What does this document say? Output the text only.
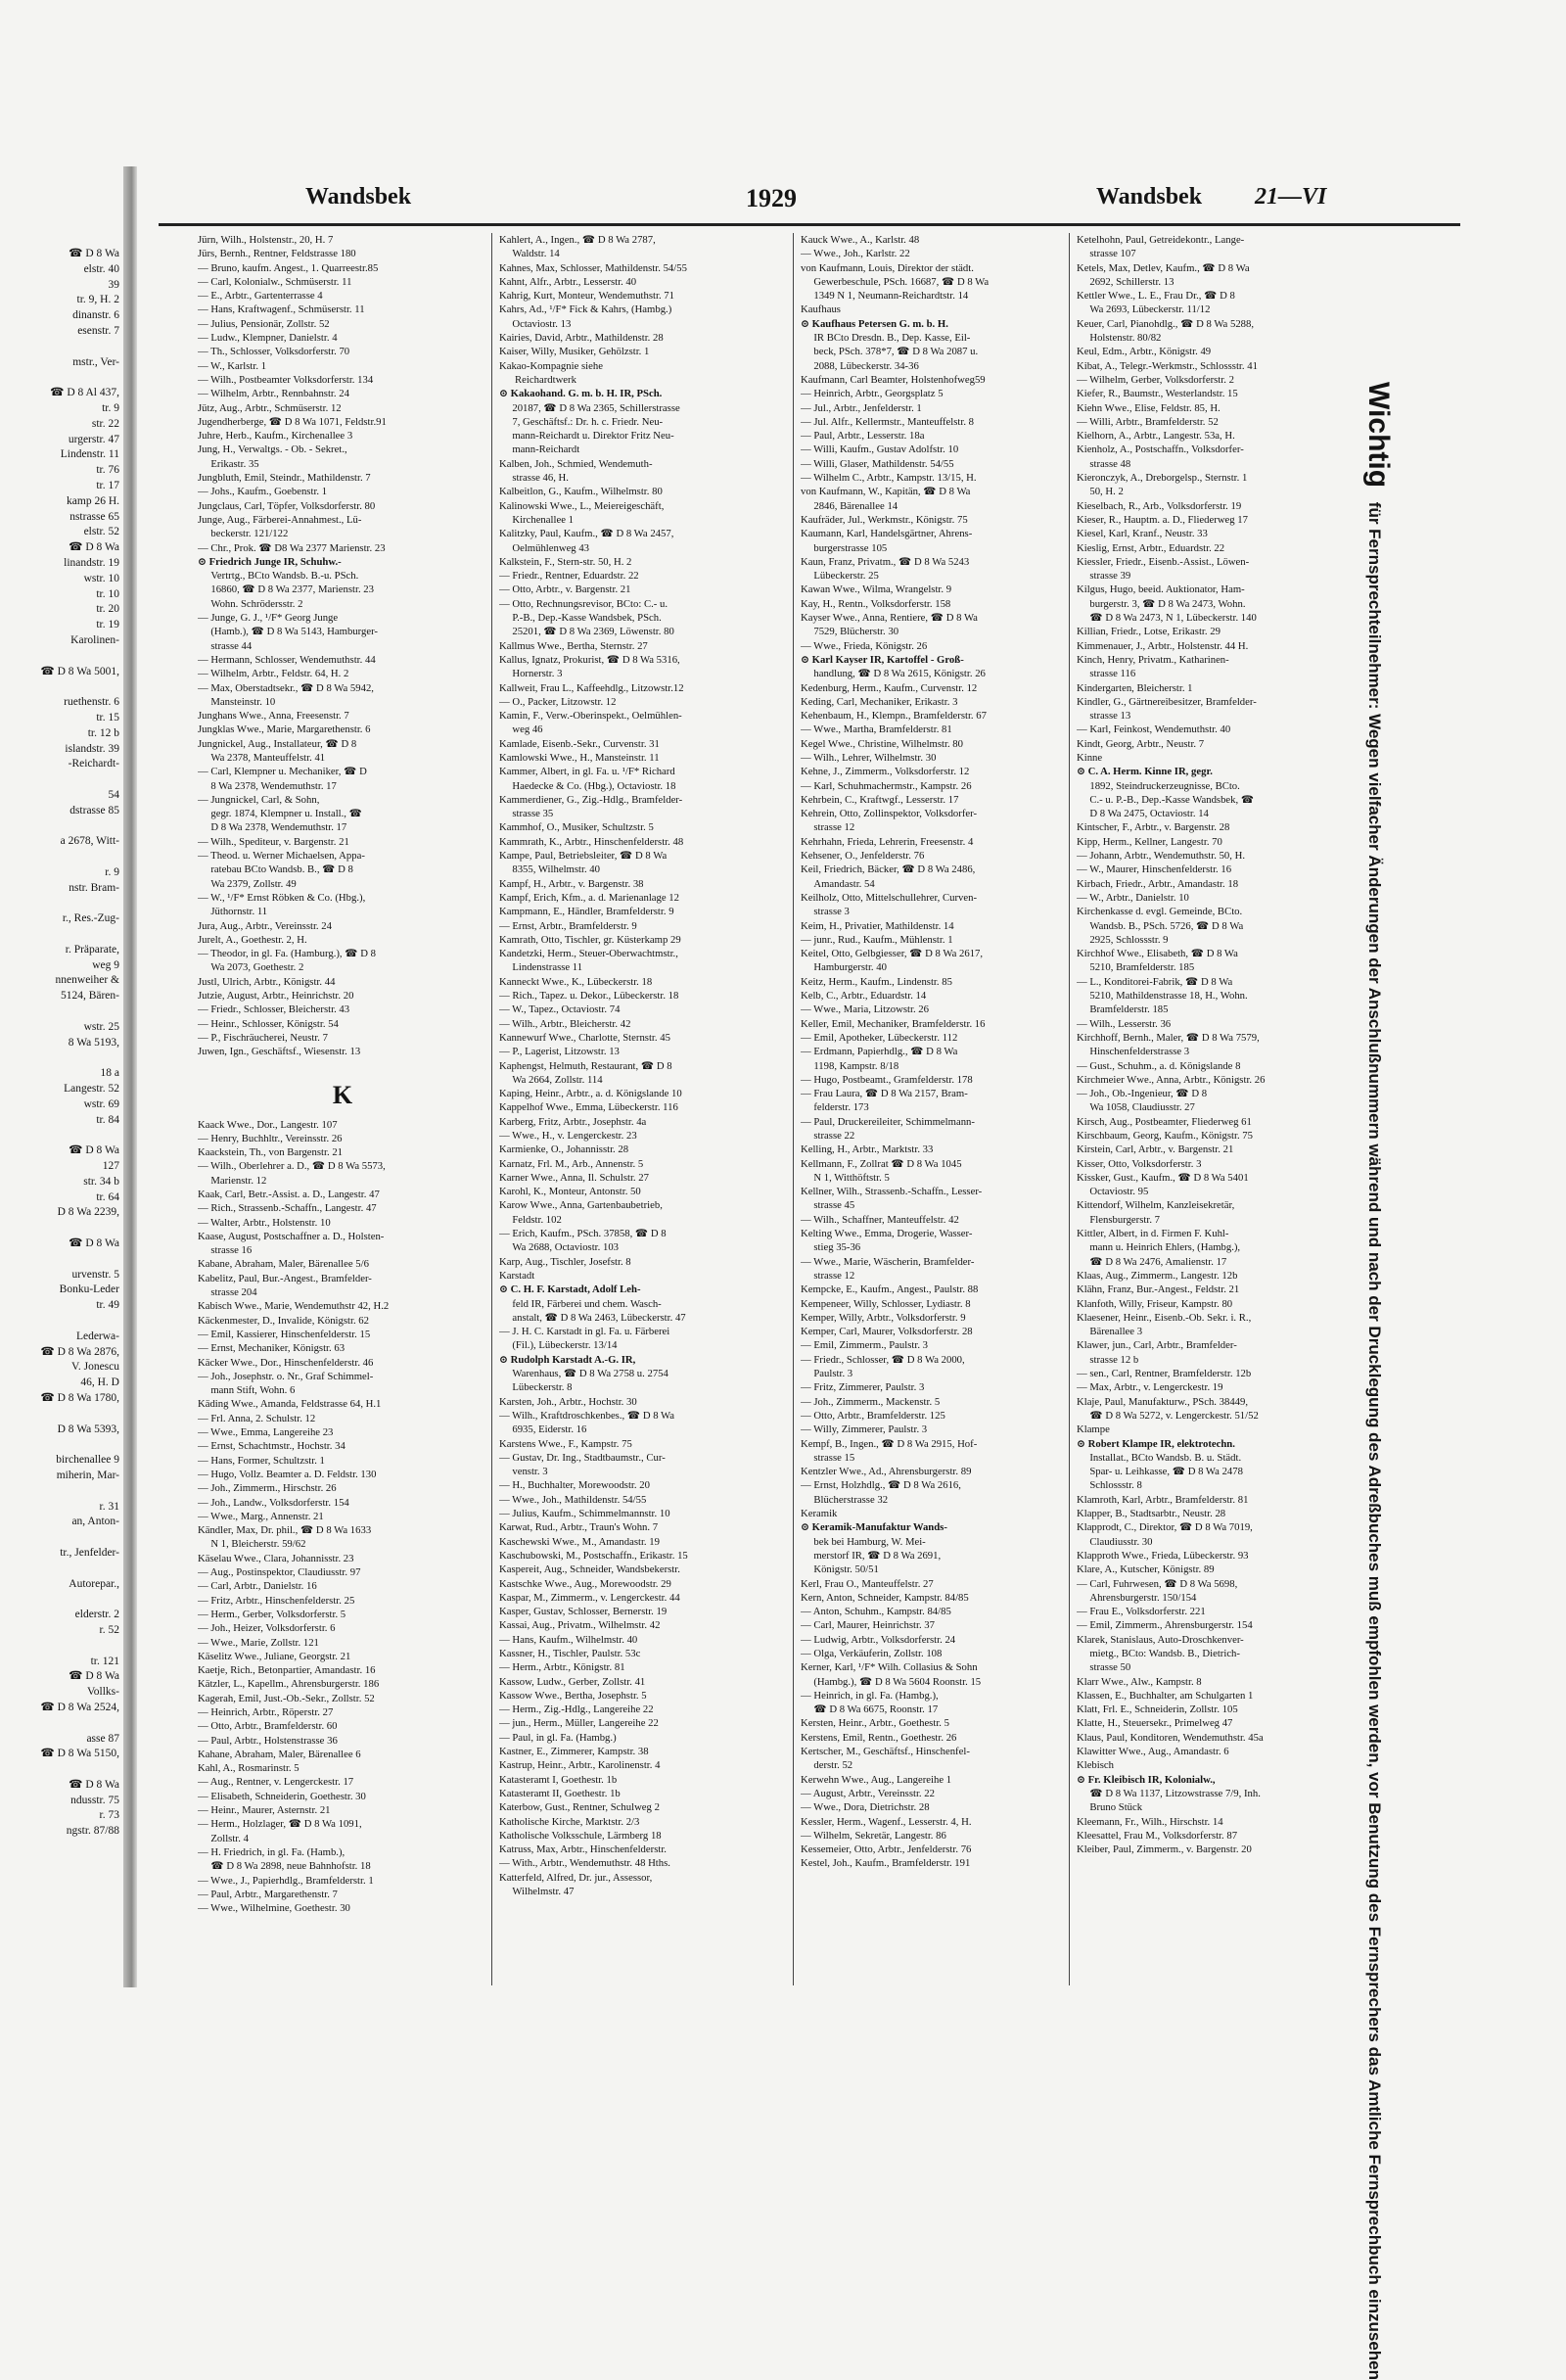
☎ D 8 Wa
elstr. 40
39
tr. 9, H. 2
dinanstr. 6
esenstr. 7

mstr., Ver-

☎ D 8 Al 437,
tr. 9
str. 22
urgerstr. 47
Lindenstr. 11
tr. 76
tr. 17
kamp 26 H.
nstrasse 65
elstr. 52
☎ D 8 Wa
linandstr. 19
wstr. 10
tr. 10
tr. 20
tr. 19
Karolinen-

☎ D 8 Wa 5001,

ruethenstr. 6
tr. 15
tr. 12 b
islandstr. 39
-Reichardt-

54
dstrasse 85

a 2678, Witt-

r. 9
nstr. Bram-

r., Res.-Zug-

r. Präparate,
weg 9
nnenweiher &
5124, Bären-

wstr. 25
8 Wa 5193,

18 a
Langestr. 52
wstr. 69
tr. 84

☎ D 8 Wa
127
str. 34 b
tr. 64
D 8 Wa 2239,

☎ D 8 Wa

urvenstr. 5
Bonku-Leder
tr. 49

Lederwa-
☎ D 8 Wa 2876,
V. Jonescu
46, H. D
☎ D 8 Wa 1780,

D 8 Wa 5393,

birchenallee 9
miherin, Mar-

r. 31
an, Anton-

tr., Jenfelder-

Autorepar.,

elderstr. 2
r. 52

tr. 121
☎ D 8 Wa
Vollks-
☎ D 8 Wa 2524,

asse 87
☎ D 8 Wa 5150,

☎ D 8 Wa
ndusstr. 75
r. 73
ngstr. 87/88
Wandsbek	1929	Wandsbek 21—VI
Jürn, Wilh., Holstenstr., 20, H. 7
Jürs, Bernh., Rentner, Feldstrasse 180
— Bruno, kaufm. Angest., 1. Quarreestr.85
— Carl, Kolonialw., Schmüserstr. 11
— E., Arbtr., Gartenterrasse 4
— Hans, Kraftwagenf., Schmüserstr. 11
— Julius, Pensionär, Zollstr. 52
— Ludw., Klempner, Danielstr. 4
— Th., Schlosser, Volksdorferstr. 70
— W., Karlstr. 1
— Wilh., Postbeamter Volksdorferstr. 134
— Wilhelm, Arbtr., Rennbahnstr. 24
Jütz, Aug., Arbtr., Schmüserstr. 12
Jugendherberge, ☎ D 8 Wa 1071, Feldstr.91
Juhre, Herb., Kaufm., Kirchenallee 3
Jung, H., Verwaltgs. - Ob. - Sekret.,
Erikastr. 35
Jungbluth, Emil, Steindr., Mathildenstr. 7
— Johs., Kaufm., Goebenstr. 1
Jungclaus, Carl, Töpfer, Volksdorferstr. 80
Junge, Aug., Färberei-Annahmest., Lü-
beckerstr. 121/122
— Chr., Prok. ☎ D8 Wa 2377 Marienstr. 23
⊙ Friedrich Junge IR, Schuhw.-
Vertrtg., BCto Wandsb. B.-u. PSch.
16860, ☎ D 8 Wa 2377, Marienstr. 23
Wohn. Schrödersstr. 2
— Junge, G. J., ¹/F* Georg Junge
(Hamb.), ☎ D 8 Wa 5143, Hamburger-
strasse 44
— Hermann, Schlosser, Wendemuthstr. 44
— Wilhelm, Arbtr., Feldstr. 64, H. 2
— Max, Oberstadtsekr., ☎ D 8 Wa 5942,
Mansteinstr. 10
Junghans Wwe., Anna, Freesenstr. 7
Jungklas Wwe., Marie, Margarethenstr. 6
Jungnickel, Aug., Installateur, ☎ D 8
Wa 2378, Manteuffelstr. 41
— Carl, Klempner u. Mechaniker, ☎ D
8 Wa 2378, Wendemuthstr. 17
— Jungnickel, Carl, & Sohn,
gegr. 1874, Klempner u. Install., ☎
D 8 Wa 2378, Wendemuthstr. 17
— Wilh., Spediteur, v. Bargenstr. 21
— Theod. u. Werner Michaelsen, Appa-
ratebau BCto Wandsb. B., ☎ D 8
Wa 2379, Zollstr. 49
— W., ¹/F* Ernst Röbken & Co. (Hbg.),
Jüthornstr. 11
Jura, Aug., Arbtr., Vereinsstr. 24
Jurelt, A., Goethestr. 2, H.
— Theodor, in gl. Fa. (Hamburg.), ☎ D 8
Wa 2073, Goethestr. 2
Justl, Ulrich, Arbtr., Königstr. 44
Jutzie, August, Arbtr., Heinrichstr. 20
— Friedr., Schlosser, Bleicherstr. 43
— Heinr., Schlosser, Königstr. 54
— P., Fischräucherei, Neustr. 7
Juwen, Ign., Geschäftsf., Wiesenstr. 13
K
Kaack Wwe., Dor., Langestr. 107
— Henry, Buchhltr., Vereinsstr. 26
Kaackstein, Th., von Bargenstr. 21
— Wilh., Oberlehrer a. D., ☎ D 8 Wa 5573,
Marienstr. 12
Kaak, Carl, Betr.-Assist. a. D., Langestr. 47
— Rich., Strassenb.-Schaffn., Langestr. 47
— Walter, Arbtr., Holstenstr. 10
Kaase, August, Postschaffner a. D., Holsten-
strasse 16
Kabane, Abraham, Maler, Bärenallee 5/6
Kabelitz, Paul, Bur.-Angest., Bramfelder-
strasse 204
Kabisch Wwe., Marie, Wendemuthstr 42, H.2
Käckenmester, D., Invalide, Königstr. 62
— Emil, Kassierer, Hinschenfelderstr. 15
— Ernst, Mechaniker, Königstr. 63
Käcker Wwe., Dor., Hinschenfelderstr. 46
— Joh., Josephstr. o. Nr., Graf Schimmel-
mann Stift, Wohn. 6
Käding Wwe., Amanda, Feldstrasse 64, H.1
— Frl. Anna, 2. Schulstr. 12
— Wwe., Emma, Langereihe 23
— Ernst, Schachtmstr., Hochstr. 34
— Hans, Former, Schultzstr. 1
— Hugo, Vollz. Beamter a. D. Feldstr. 130
— Joh., Zimmerm., Hirschstr. 26
— Joh., Landw., Volksdorferstr. 154
— Wwe., Marg., Annenstr. 21
Kändler, Max, Dr. phil., ☎ D 8 Wa 1633
N 1, Bleicherstr. 59/62
Käselau Wwe., Clara, Johannisstr. 23
— Aug., Postinspektor, Claudiusstr. 97
— Carl, Arbtr., Danielstr. 16
— Fritz, Arbtr., Hinschenfelderstr. 25
— Herm., Gerber, Volksdorferstr. 5
— Joh., Heizer, Volksdorferstr. 6
— Wwe., Marie, Zollstr. 121
Käselitz Wwe., Juliane, Georgstr. 21
Kaetje, Rich., Betonpartier, Amandastr. 16
Kätzler, L., Kapellm., Ahrensburgerstr. 186
Kagerah, Emil, Just.-Ob.-Sekr., Zollstr. 52
— Heinrich, Arbtr., Röperstr. 27
— Otto, Arbtr., Bramfelderstr. 60
— Paul, Arbtr., Holstenstrasse 36
Kahane, Abraham, Maler, Bärenallee 6
Kahl, A., Rosmarinstr. 5
— Aug., Rentner, v. Lengerckestr. 17
— Elisabeth, Schneiderin, Goethestr. 30
— Heinr., Maurer, Asternstr. 21
— Herm., Holzlager, ☎ D 8 Wa 1091,
Zollstr. 4
— H. Friedrich, in gl. Fa. (Hamb.),
☎ D 8 Wa 2898, neue Bahnhofstr. 18
— Wwe., J., Papierhdlg., Bramfelderstr. 1
— Paul, Arbtr., Margarethenstr. 7
— Wwe., Wilhelmine, Goethestr. 30
Kahlert, A., Ingen., ☎ D 8 Wa 2787,
Waldstr. 14
Kahnes, Max, Schlosser, Mathildenstr. 54/55
Kahnt, Alfr., Arbtr., Lesserstr. 40
Kahrig, Kurt, Monteur, Wendemuthstr. 71
Kahrs, Ad., ¹/F* Fick & Kahrs, (Hambg.)
Octaviostr. 13
Kairies, David, Arbtr., Mathildenstr. 28
Kaiser, Willy, Musiker, Gehölzstr. 1
Kakao-Kompagnie siehe
Reichardtwerk
⊙ Kakaohand. G. m. b. H. IR, PSch.
20187, ☎ D 8 Wa 2365, Schillerstrasse
7, Geschäftsf.: Dr. h. c. Friedr. Neu-
mann-Reichardt u. Direktor Fritz Neu-
mann-Reichardt
Kalben, Joh., Schmied, Wendemuth-
strasse 46, H.
Kalbeitlon, G., Kaufm., Wilhelmstr. 80
Kalinowski Wwe., L., Meiereigeschäft,
Kirchenallee 1
Kalitzky, Paul, Kaufm., ☎ D 8 Wa 2457,
Oelmühlenweg 43
Kalkstein, F., Stern-str. 50, H. 2
— Friedr., Rentner, Eduardstr. 22
— Otto, Arbtr., v. Bargenstr. 21
— Otto, Rechnungsrevisor, BCto: C.- u.
P.-B., Dep.-Kasse Wandsbek, PSch.
25201, ☎ D 8 Wa 2369, Löwenstr. 80
Kallmus Wwe., Bertha, Sternstr. 27
Kallus, Ignatz, Prokurist, ☎ D 8 Wa 5316,
Hornerstr. 3
Kallweit, Frau L., Kaffeehdlg., Litzowstr.12
— O., Packer, Litzowstr. 12
Kamin, F., Verw.-Oberinspekt., Oelmühlen-
weg 46
Kamlade, Eisenb.-Sekr., Curvenstr. 31
Kamlowski Wwe., H., Mansteinstr. 11
Kammer, Albert, in gl. Fa. u. ¹/F* Richard
Haedecke & Co. (Hbg.), Octaviostr. 18
Kammerdiener, G., Zig.-Hdlg., Bramfelder-
strasse 35
Kammhof, O., Musiker, Schultzstr. 5
Kammrath, K., Arbtr., Hinschenfelderstr. 48
Kampe, Paul, Betriebsleiter, ☎ D 8 Wa
8355, Wilhelmstr. 40
Kampf, H., Arbtr., v. Bargenstr. 38
Kampf, Erich, Kfm., a. d. Marienanlage 12
Kampmann, E., Händler, Bramfelderstr. 9
— Ernst, Arbtr., Bramfelderstr. 9
Kamrath, Otto, Tischler, gr. Küsterkamp 29
Kandetzki, Herm., Steuer-Oberwachtmstr.,
Lindenstrasse 11
Kanneckt Wwe., K., Lübeckerstr. 18
— Rich., Tapez. u. Dekor., Lübeckerstr. 18
— W., Tapez., Octaviostr. 74
— Wilh., Arbtr., Bleicherstr. 42
Kannewurf Wwe., Charlotte, Sternstr. 45
— P., Lagerist, Litzowstr. 13
Kaphengst, Helmuth, Restaurant, ☎ D 8
Wa 2664, Zollstr. 114
Kaping, Heinr., Arbtr., a. d. Königslande 10
Kappelhof Wwe., Emma, Lübeckerstr. 116
Karberg, Fritz, Arbtr., Josephstr. 4a
— Wwe., H., v. Lengerckestr. 23
Karmienke, O., Johannisstr. 28
Karnatz, Frl. M., Arb., Annenstr. 5
Karner Wwe., Anna, Il. Schulstr. 27
Karohl, K., Monteur, Antonstr. 50
Karow Wwe., Anna, Gartenbaubetrieb,
Feldstr. 102
— Erich, Kaufm., PSch. 37858, ☎ D 8
Wa 2688, Octaviostr. 103
Karp, Aug., Tischler, Josefstr. 8
Karstadt
⊙ C. H. F. Karstadt, Adolf Leh-
feld IR, Färberei und chem. Wasch-
anstalt, ☎ D 8 Wa 2463, Lübeckerstr. 47
— J. H. C. Karstadt in gl. Fa. u. Färberei
(Fil.), Lübeckerstr. 13/14
⊙ Rudolph Karstadt A.-G. IR,
Warenhaus, ☎ D 8 Wa 2758 u. 2754
Lübeckerstr. 8
Karsten, Joh., Arbtr., Hochstr. 30
— Wilh., Kraftdroschkenbes., ☎ D 8 Wa
6935, Eiderstr. 16
Karstens Wwe., F., Kampstr. 75
— Gustav, Dr. Ing., Stadtbaumstr., Cur-
venstr. 3
— H., Buchhalter, Morewoodstr. 20
— Wwe., Joh., Mathildenstr. 54/55
— Julius, Kaufm., Schimmelmannstr. 10
Karwat, Rud., Arbtr., Traun's Wohn. 7
Kaschewski Wwe., M., Amandastr. 19
Kaschubowski, M., Postschaffn., Erikastr. 15
Kaspereit, Aug., Schneider, Wandsbekerstr.
Kastschke Wwe., Aug., Morewoodstr. 29
Kaspar, M., Zimmerm., v. Lengerckestr. 44
Kasper, Gustav, Schlosser, Bernerstr. 19
Kassai, Aug., Privatm., Wilhelmstr. 42
— Hans, Kaufm., Wilhelmstr. 40
Kassner, H., Tischler, Paulstr. 53c
— Herm., Arbtr., Königstr. 81
Kassow, Ludw., Gerber, Zollstr. 41
Kassow Wwe., Bertha, Josephstr. 5
— Herm., Zig.-Hdlg., Langereihe 22
— jun., Herm., Müller, Langereihe 22
— Paul, in gl. Fa. (Hambg.)
Kastner, E., Zimmerer, Kampstr. 38
Kastrup, Heinr., Arbtr., Karolinenstr. 4
Katasteramt I, Goethestr. 1b
Katasteramt II, Goethestr. 1b
Katerbow, Gust., Rentner, Schulweg 2
Katholische Kirche, Marktstr. 2/3
Katholische Volksschule, Lärmberg 18
Katruss, Max, Arbtr., Hinschenfelderstr.
— With., Arbtr., Wendemuthstr. 48 Hths.
Katterfeld, Alfred, Dr. jur., Assessor,
Wilhelmstr. 47
Kauck Wwe., A., Karlstr. 48
— Wwe., Joh., Karlstr. 22
von Kaufmann, Louis, Direktor der städt.
Gewerbeschule, PSch. 16687, ☎ D 8 Wa
1349 N 1, Neumann-Reichardtstr. 14
Kaufhaus
⊙ Kaufhaus Petersen G. m. b. H.
IR BCto Dresdn. B., Dep. Kasse, Eil-
beck, PSch. 378*7, ☎ D 8 Wa 2087 u.
2088, Lübeckerstr. 34-36
Kaufmann, Carl Beamter, Holstenhofweg59
— Heinrich, Arbtr., Georgsplatz 5
— Jul., Arbtr., Jenfelderstr. 1
— Jul. Alfr., Kellermstr., Manteuffelstr. 8
— Paul, Arbtr., Lesserstr. 18a
— Willi, Kaufm., Gustav Adolfstr. 10
— Willi, Glaser, Mathildenstr. 54/55
— Wilhelm C., Arbtr., Kampstr. 13/15, H.
von Kaufmann, W., Kapitän, ☎ D 8 Wa
2846, Bärenallee 14
Kaufräder, Jul., Werkmstr., Königstr. 75
Kaumann, Karl, Handelsgärtner, Ahrens-
burgerstrasse 105
Kaun, Franz, Privatm., ☎ D 8 Wa 5243
Lübeckerstr. 25
Kawan Wwe., Wilma, Wrangelstr. 9
Kay, H., Rentn., Volksdorferstr. 158
Kayser Wwe., Anna, Rentiere, ☎ D 8 Wa
7529, Blücherstr. 30
— Wwe., Frieda, Königstr. 26
⊙ Karl Kayser IR, Kartoffel - Groß-
handlung, ☎ D 8 Wa 2615, Königstr. 26
Kedenburg, Herm., Kaufm., Curvenstr. 12
Keding, Carl, Mechaniker, Erikastr. 3
Kehenbaum, H., Klempn., Bramfelderstr. 67
— Wwe., Martha, Bramfelderstr. 81
Kegel Wwe., Christine, Wilhelmstr. 80
— Wilh., Lehrer, Wilhelmstr. 30
Kehne, J., Zimmerm., Volksdorferstr. 12
— Karl, Schuhmachermstr., Kampstr. 26
Kehrbein, C., Kraftwgf., Lesserstr. 17
Kehrein, Otto, Zollinspektor, Volksdorfer-
strasse 12
Kehrhahn, Frieda, Lehrerin, Freesenstr. 4
Kehsener, O., Jenfelderstr. 76
Keil, Friedrich, Bäcker, ☎ D 8 Wa 2486,
Amandastr. 54
Keilholz, Otto, Mittelschullehrer, Curven-
strasse 3
Keim, H., Privatier, Mathildenstr. 14
— junr., Rud., Kaufm., Mühlenstr. 1
Keitel, Otto, Gelbgiesser, ☎ D 8 Wa 2617,
Hamburgerstr. 40
Keitz, Herm., Kaufm., Lindenstr. 85
Kelb, C., Arbtr., Eduardstr. 14
— Wwe., Maria, Litzowstr. 26
Keller, Emil, Mechaniker, Bramfelderstr. 16
— Emil, Apotheker, Lübeckerstr. 112
— Erdmann, Papierhdlg., ☎ D 8 Wa
1198, Kampstr. 8/18
— Hugo, Postbeamt., Gramfelderstr. 178
— Frau Laura, ☎ D 8 Wa 2157, Bram-
felderstr. 173
— Paul, Druckereileiter, Schimmelmann-
strasse 22
Kelling, H., Arbtr., Marktstr. 33
Kellmann, F., Zollrat ☎ D 8 Wa 1045
N 1, Witthöftstr. 5
Kellner, Wilh., Strassenb.-Schaffn., Lesser-
strasse 45
— Wilh., Schaffner, Manteuffelstr. 42
Kelting Wwe., Emma, Drogerie, Wasser-
stieg 35-36
— Wwe., Marie, Wäscherin, Bramfelder-
strasse 12
Kempcke, E., Kaufm., Angest., Paulstr. 88
Kempeneer, Willy, Schlosser, Lydiastr. 8
Kemper, Willy, Arbtr., Volksdorferstr. 9
Kemper, Carl, Maurer, Volksdorferstr. 28
— Emil, Zimmerm., Paulstr. 3
— Friedr., Schlosser, ☎ D 8 Wa 2000,
Paulstr. 3
— Fritz, Zimmerer, Paulstr. 3
— Joh., Zimmerm., Mackenstr. 5
— Otto, Arbtr., Bramfelderstr. 125
— Willy, Zimmerer, Paulstr. 3
Kempf, B., Ingen., ☎ D 8 Wa 2915, Hof-
strasse 15
Kentzler Wwe., Ad., Ahrensburgerstr. 89
— Ernst, Holzhdlg., ☎ D 8 Wa 2616,
Blücherstrasse 32
Keramik
⊙ Keramik-Manufaktur Wands-
bek bei Hamburg, W. Mei-
merstorf IR, ☎ D 8 Wa 2691,
Königstr. 50/51
Kerl, Frau O., Manteuffelstr. 27
Kern, Anton, Schneider, Kampstr. 84/85
— Anton, Schuhm., Kampstr. 84/85
— Carl, Maurer, Heinrichstr. 37
— Ludwig, Arbtr., Volksdorferstr. 24
— Olga, Verkäuferin, Zollstr. 108
Kerner, Karl, ¹/F* Wilh. Collasius & Sohn
(Hambg.), ☎ D 8 Wa 5604 Roonstr. 15
— Heinrich, in gl. Fa. (Hambg.),
☎ D 8 Wa 6675, Roonstr. 17
Kersten, Heinr., Arbtr., Goethestr. 5
Kerstens, Emil, Rentn., Goethestr. 26
Kertscher, M., Geschäftsf., Hinschenfel-
derstr. 52
Kerwehn Wwe., Aug., Langereihe 1
— August, Arbtr., Vereinsstr. 22
— Wwe., Dora, Dietrichstr. 28
Kessler, Herm., Wagenf., Lesserstr. 4, H.
— Wilhelm, Sekretär, Langestr. 86
Kessemeier, Otto, Arbtr., Jenfelderstr. 76
Kestel, Joh., Kaufm., Bramfelderstr. 191
Ketelhohn, Paul, Getreidekontr., Lange-
strasse 107
Ketels, Max, Detlev, Kaufm., ☎ D 8 Wa
2692, Schillerstr. 13
Kettler Wwe., L. E., Frau Dr., ☎ D 8
Wa 2693, Lübeckerstr. 11/12
Keuer, Carl, Pianohdlg., ☎ D 8 Wa 5288,
Holstenstr. 80/82
Keul, Edm., Arbtr., Königstr. 49
Kibat, A., Telegr.-Werkmstr., Schlossstr. 41
— Wilhelm, Gerber, Volksdorferstr. 2
Kiefer, R., Baumstr., Westerlandstr. 15
Kiehn Wwe., Elise, Feldstr. 85, H.
— Willi, Arbtr., Bramfelderstr. 52
Kielhorn, A., Arbtr., Langestr. 53a, H.
Kienholz, A., Postschaffn., Volksdorfer-
strasse 48
Kieronczyk, A., Dreborgelsp., Sternstr. 1
50, H. 2
Kieselbach, R., Arb., Volksdorferstr. 19
Kieser, R., Hauptm. a. D., Fliederweg 17
Kiesel, Karl, Kranf., Neustr. 33
Kieslig, Ernst, Arbtr., Eduardstr. 22
Kiessler, Friedr., Eisenb.-Assist., Löwen-
strasse 39
Kilgus, Hugo, beeid. Auktionator, Ham-
burgerstr. 3, ☎ D 8 Wa 2473, Wohn.
☎ D 8 Wa 2473, N 1, Lübeckerstr. 140
Killian, Friedr., Lotse, Erikastr. 29
Kimmenauer, J., Arbtr., Holstenstr. 44 H.
Kinch, Henry, Privatm., Katharinen-
strasse 116
Kindergarten, Bleicherstr. 1
Kindler, G., Gärtnereibesitzer, Bramfelder-
strasse 13
— Karl, Feinkost, Wendemuthstr. 40
Kindt, Georg, Arbtr., Neustr. 7
Kinne
⊙ C. A. Herm. Kinne IR, gegr.
1892, Steindruckerzeugnisse, BCto.
C.- u. P.-B., Dep.-Kasse Wandsbek, ☎
D 8 Wa 2475, Octaviostr. 14
Kintscher, F., Arbtr., v. Bargenstr. 28
Kipp, Herm., Kellner, Langestr. 70
— Johann, Arbtr., Wendemuthstr. 50, H.
— W., Maurer, Hinschenfelderstr. 16
Kirbach, Friedr., Arbtr., Amandastr. 18
— W., Arbtr., Danielstr. 10
Kirchenkasse d. evgl. Gemeinde, BCto.
Wandsb. B., PSch. 5726, ☎ D 8 Wa
2925, Schlossstr. 9
Kirchhof Wwe., Elisabeth, ☎ D 8 Wa
5210, Bramfelderstr. 185
— L., Konditorei-Fabrik, ☎ D 8 Wa
5210, Mathildenstrasse 18, H., Wohn.
Bramfelderstr. 185
— Wilh., Lesserstr. 36
Kirchhoff, Bernh., Maler, ☎ D 8 Wa 7579,
Hinschenfelderstrasse 3
— Gust., Schuhm., a. d. Königslande 8
Kirchmeier Wwe., Anna, Arbtr., Königstr. 26
— Joh., Ob.-Ingenieur, ☎ D 8
Wa 1058, Claudiusstr. 27
Kirsch, Aug., Postbeamter, Fliederweg 61
Kirschbaum, Georg, Kaufm., Königstr. 75
Kirstein, Carl, Arbtr., v. Bargenstr. 21
Kisser, Otto, Volksdorferstr. 3
Kissker, Gust., Kaufm., ☎ D 8 Wa 5401
Octaviostr. 95
Kittendorf, Wilhelm, Kanzleisekretär,
Flensburgerstr. 7
Kittler, Albert, in d. Firmen F. Kuhl-
mann u. Heinrich Ehlers, (Hambg.),
☎ D 8 Wa 2476, Amalienstr. 17
Klaas, Aug., Zimmerm., Langestr. 12b
Klähn, Franz, Bur.-Angest., Feldstr. 21
Klanfoth, Willy, Friseur, Kampstr. 80
Klaesener, Heinr., Eisenb.-Ob. Sekr. i. R.,
Bärenallee 3
Klawer, jun., Carl, Arbtr., Bramfelder-
strasse 12 b
— sen., Carl, Rentner, Bramfelderstr. 12b
— Max, Arbtr., v. Lengerckestr. 19
Klaje, Paul, Manufakturw., PSch. 38449,
☎ D 8 Wa 5272, v. Lengerckestr. 51/52
Klampe
⊙ Robert Klampe IR, elektrotechn.
Installat., BCto Wandsb. B. u. Städt.
Spar- u. Leihkasse, ☎ D 8 Wa 2478
Schlossstr. 8
Klamroth, Karl, Arbtr., Bramfelderstr. 81
Klapper, B., Stadtsarbtr., Neustr. 28
Klapprodt, C., Direktor, ☎ D 8 Wa 7019,
Claudiusstr. 30
Klapproth Wwe., Frieda, Lübeckerstr. 93
Klare, A., Kutscher, Königstr. 89
— Carl, Fuhrwesen, ☎ D 8 Wa 5698,
Ahrensburgerstr. 150/154
— Frau E., Volksdorferstr. 221
— Emil, Zimmerm., Ahrensburgerstr. 154
Klarek, Stanislaus, Auto-Droschkenver-
mietg., BCto: Wandsb. B., Dietrich-
strasse 50
Klarr Wwe., Alw., Kampstr. 8
Klassen, E., Buchhalter, am Schulgarten 1
Klatt, Frl. E., Schneiderin, Zollstr. 105
Klatte, H., Steuersekr., Primelweg 47
Klaus, Paul, Konditoren, Wendemuthstr. 45a
Klawitter Wwe., Aug., Amandastr. 6
Klebisch
⊙ Fr. Kleibisch IR, Kolonialw.,
☎ D 8 Wa 1137, Litzowstrasse 7/9, Inh.
Bruno Stück
Kleemann, Fr., Wilh., Hirschstr. 14
Kleesattel, Frau M., Volksdorferstr. 87
Kleiber, Paul, Zimmerm., v. Bargenstr. 20
Wichtig für Fernsprechteilnehmer: Wegen vielfacher Änderungen der Anschlußnummern während und nach der Drucklegung des Adreßbuches muß empfohlen werden, vor Benutzung des Fernsprechers das Amtliche Fernsprechbuch einzusehen
